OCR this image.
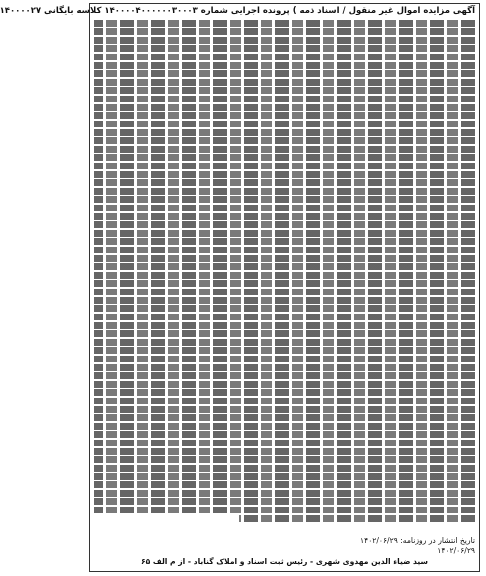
آگهی مزایده اموال غیر منقول / اسناد ذمه ) پرونده اجرایی شماره ۱۴۰۰۰۰۴۰۰۰۰۰۰۳۰۰۰۳ کلاسه بایگانی ۱۴۰۰۰۰۲۷
تاریخ انتشار در روزنامه: ۱۴۰۲/۰۶/۲۹
۱۴۰۲/۰۶/۲۹
سید ضیاء الدین مهدوی شهری - رئیس ثبت اسناد و املاک گناباد - از م الف ۶۵
